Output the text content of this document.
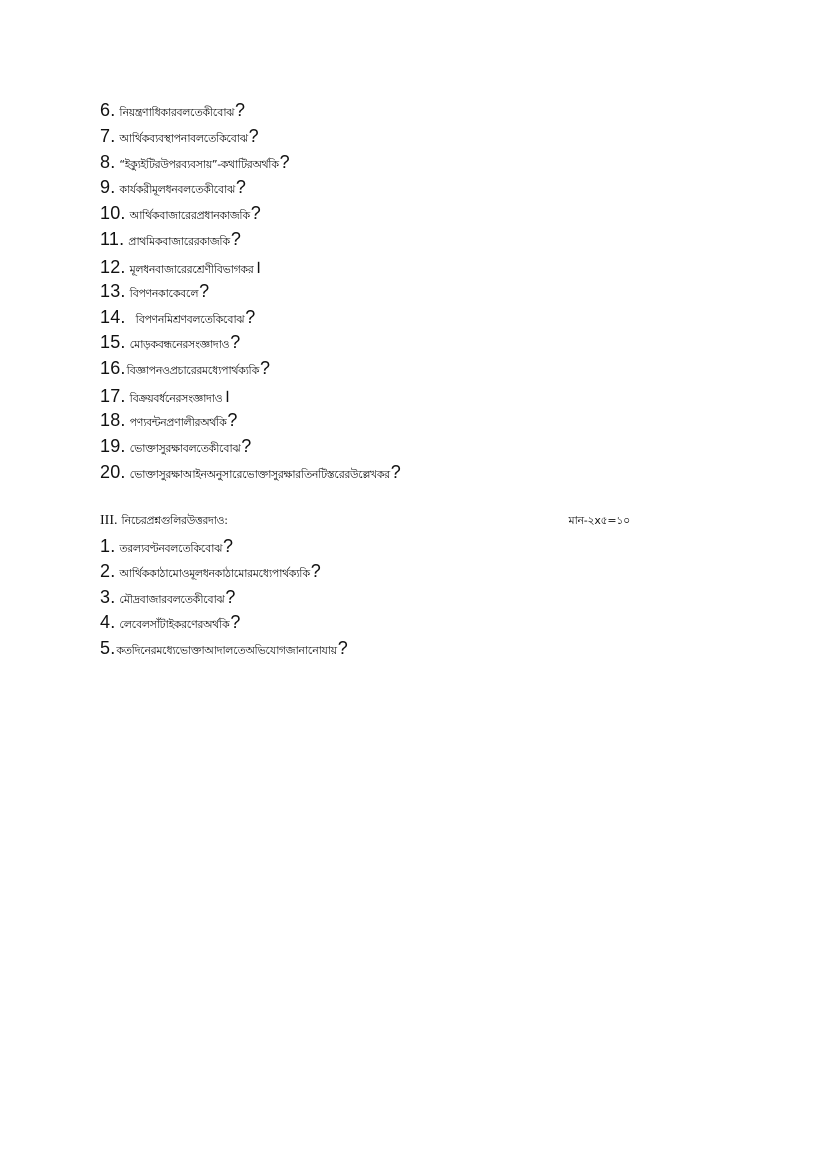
6. নিয়ন্ত্রণাধিকারবলতেকীবোঝ ?
7. আর্থিকব্যবস্থাপনাবলতেকিবোঝ ?
8. “ইক্যুইটিরউপরব্যবসায়”-কথাটিরঅর্থকি ?
9. কার্যকরীমূলধনবলতেকীবোঝ ?
10. আর্থিকবাজারেরপ্রধানকাজকি ?
11. প্রাথমিকবাজারেরকাজকি ?
12. মূলধনবাজারেরশ্রেণীবিভাগকর ।
13. বিপণনকাকেবলে ?
14. বিপণনমিশ্রণবলতেকিবোঝ ?
15. মোড়কবন্ধনেরসংজ্ঞাদাও ?
16. বিজ্ঞাপনওপ্রচারেরমধ্যেপার্থক্যকি ?
17. বিক্রয়বর্ধনেরসংজ্ঞাদাও ।
18. পণ্যবন্টনপ্রণালীরঅর্থকি ?
19. ভোক্তাসুরক্ষাবলতেকীবোঝ ?
20. ভোক্তাসুরক্ষাআইনঅনুসারেভোক্তাসুরক্ষারতিনটিস্তরেরউল্লেখকর ?
III. নিচেরপ্রশ্নগুলিরউত্তরদাও:	মান-২x৫=১০
1. তরল্যবণ্টনবলতেকিবোঝ ?
2. আর্থিককাঠামোওমূলধনকাঠামোরমধ্যেপার্থক্যকি ?
3. মৌদ্রবাজারবলতেকীবোঝ ?
4. লেবেলসাঁটাইকরণেরঅর্থকি ?
5. কতদিনেরমধ্যেভোক্তাআদালতেঅভিযোগজানানোযায় ?
